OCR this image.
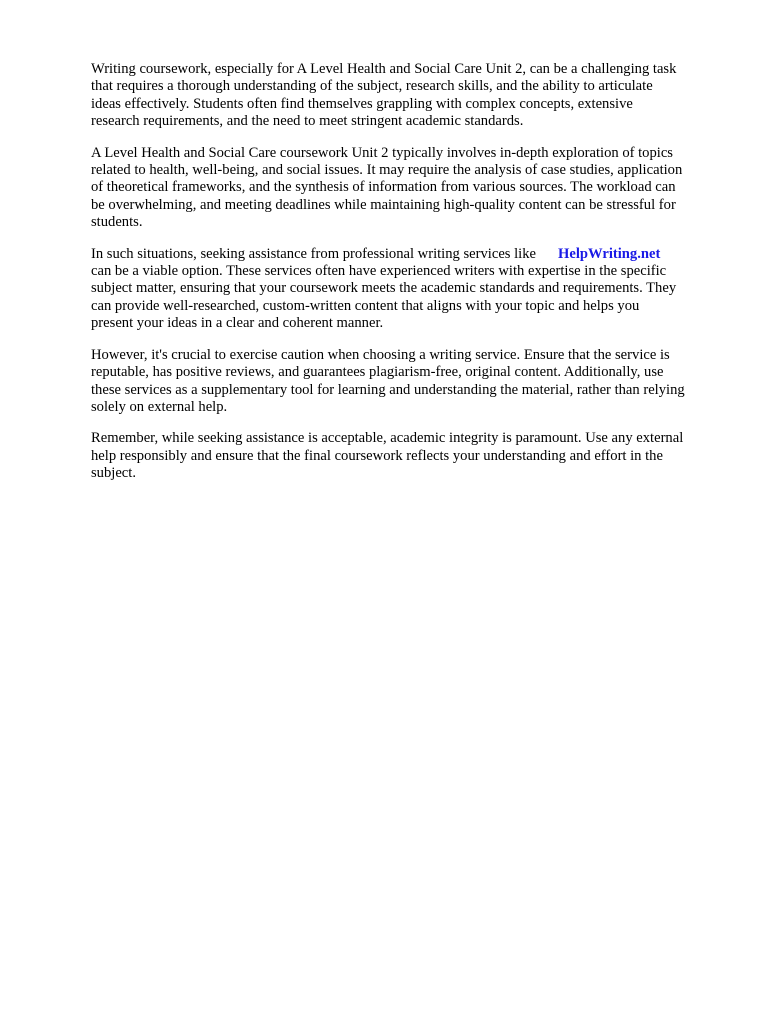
Writing coursework, especially for A Level Health and Social Care Unit 2, can be a challenging task
that requires a thorough understanding of the subject, research skills, and the ability to articulate
ideas effectively. Students often find themselves grappling with complex concepts, extensive
research requirements, and the need to meet stringent academic standards.

A Level Health and Social Care coursework Unit 2 typically involves in-depth exploration of topics
related to health, well-being, and social issues. It may require the analysis of case studies, application
of theoretical frameworks, and the synthesis of information from various sources. The workload can
be overwhelming, and meeting deadlines while maintaining high-quality content can be stressful for
students.

In such situations, seeking assistance from professional writing services like HelpWriting.net
can be a viable option. These services often have experienced writers with expertise in the specific
subject matter, ensuring that your coursework meets the academic standards and requirements. They
can provide well-researched, custom-written content that aligns with your topic and helps you
present your ideas in a clear and coherent manner.

However, it's crucial to exercise caution when choosing a writing service. Ensure that the service is
reputable, has positive reviews, and guarantees plagiarism-free, original content. Additionally, use
these services as a supplementary tool for learning and understanding the material, rather than relying
solely on external help.

Remember, while seeking assistance is acceptable, academic integrity is paramount. Use any external
help responsibly and ensure that the final coursework reflects your understanding and effort in the
subject.
